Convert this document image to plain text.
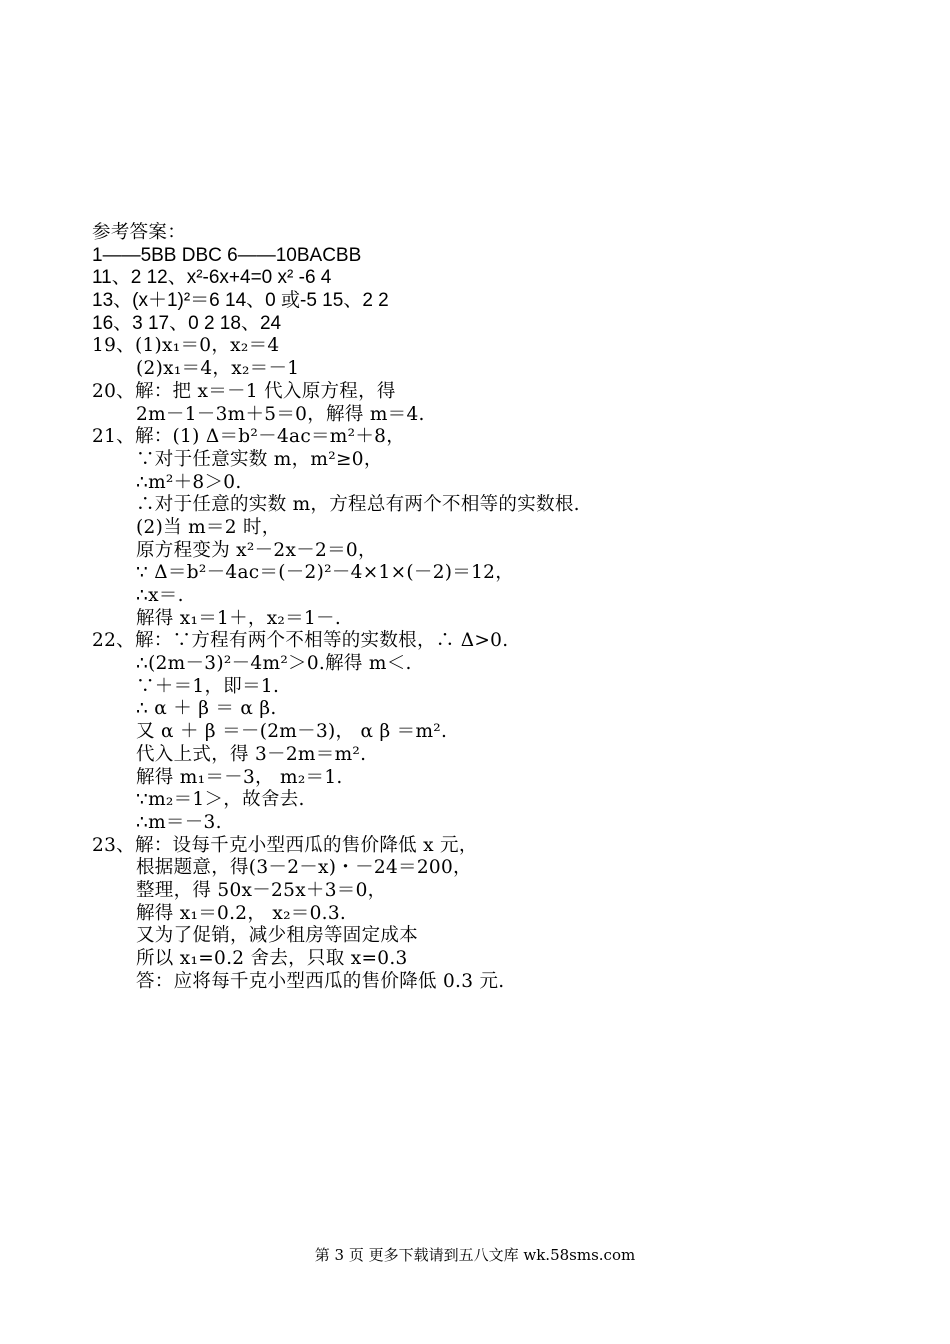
参考答案：
1——5BB DBC 6——10BACBB
11、2 12、x²-6x+4=0 x² -6 4
13、(x＋1)²＝6 14、0 或-5 15、2 2
16、3 17、0 2 18、24
19、(1)x₁＝0，x₂＝4
(2)x₁＝4，x₂＝－1
20、解：把 x＝－1 代入原方程，得
2m－1－3m＋5＝0，解得 m＝4.
21、解：(1) Δ＝b²－4ac＝m²＋8，
∵对于任意实数 m，m²≥0，
∴m²＋8＞0.
∴对于任意的实数 m，方程总有两个不相等的实数根.
(2)当 m＝2 时，
原方程变为 x²－2x－2＝0，
∵ Δ＝b²－4ac＝(－2)²－4×1×(－2)＝12，
∴x＝.
解得 x₁＝1＋，x₂＝1－.
22、解：∵方程有两个不相等的实数根，∴ Δ>0.
∴(2m－3)²－4m²＞0.解得 m＜.
∵＋＝1，即＝1.
∴ α ＋ β ＝ α β.
又 α ＋ β ＝－(2m－3)， α β ＝m².
代入上式，得 3－2m＝m².
解得 m₁＝－3， m₂＝1.
∵m₂＝1＞，故舍去.
∴m＝－3.
23、解：设每千克小型西瓜的售价降低 x 元，
根据题意，得(3－2－x)・－24＝200，
整理，得 50x－25x＋3＝0，
解得 x₁＝0.2， x₂＝0.3.
又为了促销，减少租房等固定成本
所以 x₁=0.2 舍去，只取 x=0.3
答：应将每千克小型西瓜的售价降低 0.3 元.
第 3 页 更多下载请到五八文库 wk.58sms.com
